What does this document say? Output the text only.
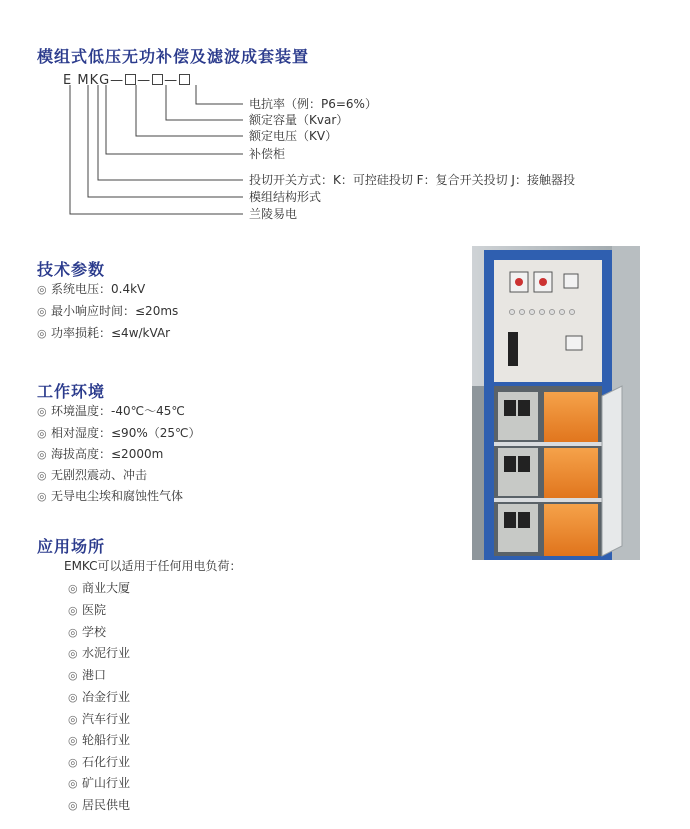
模组式低压无功补偿及滤波成套装置
E MKG— — —
电抗率（例：P6=6%）
额定容量（Kvar）
额定电压（KV）
补偿柜
投切开关方式：K：可控硅投切 F：复合开关投切 J：接触器投
模组结构形式
兰陵易电
技术参数
◎ 系统电压：0.4kV
◎ 最小响应时间：≤20ms
◎ 功率损耗：≤4w/kVAr
工作环境
◎ 环境温度：-40℃～45℃
◎ 相对湿度：≤90%（25℃）
◎ 海拔高度：≤2000m
◎ 无剧烈震动、冲击
◎ 无导电尘埃和腐蚀性气体
应用场所
EMKC可以适用于任何用电负荷：
◎ 商业大厦
◎ 医院
◎ 学校
◎ 水泥行业
◎ 港口
◎ 冶金行业
◎ 汽车行业
◎ 轮船行业
◎ 石化行业
◎ 矿山行业
◎ 居民供电
